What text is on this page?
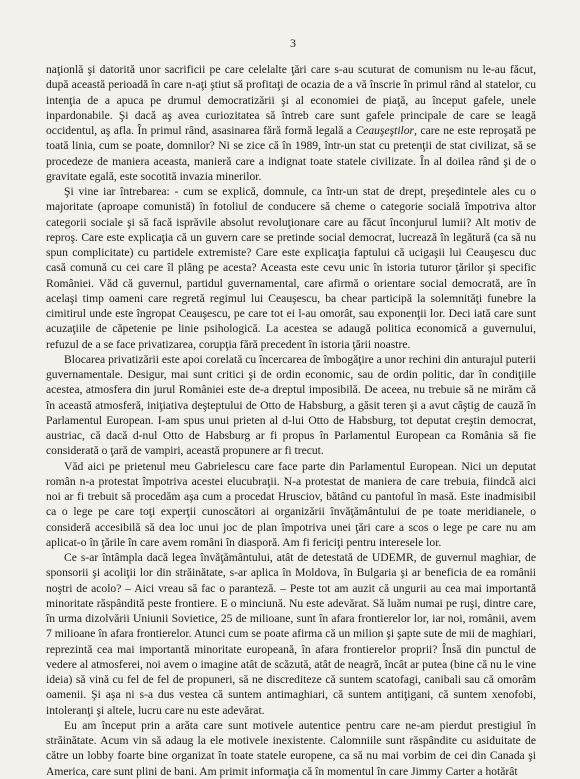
3

naţionlă şi datorită unor sacrificii pe care celelalte ţări care s-au scuturat de comunism nu le-au făcut, după această perioadă în care n-aţi ştiut să profitaţi de ocazia de a vă înscrie în primul rând al statelor, cu intenţia de a apuca pe drumul democratizării şi al economiei de piaţă, au început gafele, unele inpardonabile. Şi dacă aş avea curiozitatea să întreb care sunt gafele principale de care se leagă occidentul, aş afla. În primul rând, asasinarea fără formă legală a Ceauşeştilor, care ne este reproşată pe toată linia, cum se poate, domnilor? Ni se zice că în 1989, într-un stat cu pretenţii de stat civilizat, să se procedeze de maniera aceasta, manieră care a indignat toate statele civilizate. În al doilea rând şi de o gravitate egală, este socotită invazia minerilor.

Şi vine iar întrebarea: - cum se explică, domnule, ca într-un stat de drept, preşedintele ales cu o majoritate (aproape comunistă) în fotoliul de conducere să cheme o categorie socială împotriva altor categorii sociale şi să facă isprăvile absolut revoluţionare care au făcut înconjurul lumii? Alt motiv de reproş. Care este explicaţia că un guvern care se pretinde social democrat, lucrează în legătură (ca să nu spun complicitate) cu partidele extremiste? Care este explicaţia faptului că ucigaşii lui Ceauşescu duc casă comună cu cei care îl plâng pe acesta? Aceasta este cevu unic în istoria tuturor ţărilor şi specific României. Văd că guvernul, partidul guvernamental, care afirmă o orientare social democrată, are în acelaşi timp oameni care regretă regimul lui Ceauşescu, ba chear participă la solemnităţi funebre la cimitirul unde este îngropat Ceauşescu, pe care tot ei l-au omorât, sau exponenţii lor. Deci iată care sunt acuzaţiile de căpetenie pe linie psihologică. La acestea se adaugă politica economică a guvernului, refuzul de a se face privatizarea, corupţia fără precedent în istoria ţării noastre.

Blocarea privatizării este apoi corelată cu încercarea de îmbogăţire a unor rechini din anturajul puterii guvernamentale. Desigur, mai sunt critici şi de ordin economic, sau de ordin politic, dar în condiţiile acestea, atmosfera din jurul României este de-a dreptul imposibilă. De aceea, nu trebuie să ne mirăm că în această atmosferă, iniţiativa deşteptului de Otto de Habsburg, a găsit teren şi a avut câştig de cauză în Parlamentul European. I-am spus unui prieten al d-lui Otto de Habsburg, tot deputat creştin democrat, austriac, că dacă d-nul Otto de Habsburg ar fi propus în Parlamentul European ca România să fie considerată o ţară de vampiri, această propunere ar fi trecut.

Văd aici pe prietenul meu Gabrielescu care face parte din Parlamentul European. Nici un deputat român n-a protestat împotriva acestei elucubraţii. N-a protestat de maniera de care trebuia, fiindcă aici noi ar fi trebuit să procedăm aşa cum a procedat Hrusciov, bătând cu pantoful în masă. Este inadmisibil ca o lege pe care toţi experţii cunoscători ai organizării învăţământului de pe toate meridianele, o consideră accesibilă să dea loc unui joc de plan împotriva unei ţări care a scos o lege pe care nu am aplicat-o în ţările în care avem români în diasporă. Am fi fericiţi pentru interesele lor.

Ce s-ar întâmpla dacă legea învăţământului, atât de detestată de UDEMR, de guvernul maghiar, de sponsorii şi acoliţii lor din străinătate, s-ar aplica în Moldova, în Bulgaria şi ar beneficia de ea românii noştri de acolo? – Aici vreau să fac o paranteză. – Peste tot am auzit că ungurii au cea mai importantă minoritate răspândită peste frontiere. E o minciună. Nu este adevărat. Să luăm numai pe ruşi, dintre care, în urma dizolvării Uniunii Sovietice, 25 de milioane, sunt în afara frontierelor lor, iar noi, românii, avem 7 milioane în afara frontierelor. Atunci cum se poate afirma că un milion şi şapte sute de mii de maghiari, reprezintă cea mai importantă minoritate europeană, în afara frontierelor proprii? Însă din punctul de vedere al atmosferei, noi avem o imagine atât de scăzută, atât de neagră, încât ar putea (bine că nu le vine ideia) să vină cu fel de fel de propuneri, să ne discrediteze că suntem scatofagi, canibali sau că omorâm oamenii. Şi aşa ni s-a dus vestea că suntem antimaghiari, că suntem antiţigani, că suntem xenofobi, intoleranţi şi altele, lucru care nu este adevărat.

Eu am început prin a arăta care sunt motivele autentice pentru care ne-am pierdut prestigiul în străinătate. Acum vin să adaug la ele motivele inexistente. Calomniile sunt răspândite cu asiduitate de către un lobby foarte bine organizat în toate statele europene, ca să nu mai vorbim de cei din Canada şi America, care sunt plini de bani. Am primit informaţia că în momentul în care Jimmy Carter a hotărât
